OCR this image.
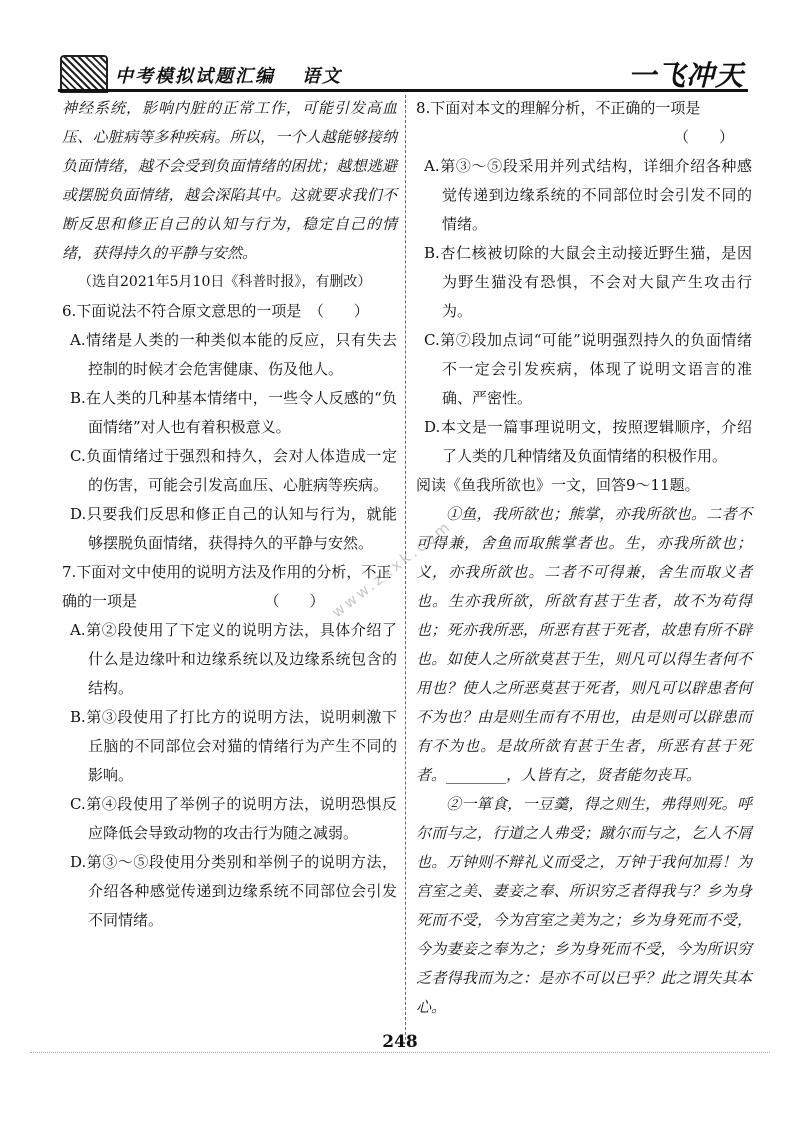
中考模拟试题汇编 语文	一飞冲天

神经系统，影响内脏的正常工作，可能引发高血压、心脏病等多种疾病。所以，一个人越能够接纳负面情绪，越不会受到负面情绪的困扰；越想逃避或摆脱负面情绪，越会深陷其中。这就要求我们不断反思和修正自己的认知与行为，稳定自己的情绪，获得持久的平静与安然。

（选自2021年5月10日《科普时报》，有删改）

6.下面说法不符合原文意思的一项是　（　　）
A.情绪是人类的一种类似本能的反应，只有失去控制的时候才会危害健康、伤及他人。
B.在人类的几种基本情绪中，一些令人反感的“负面情绪”对人也有着积极意义。
C.负面情绪过于强烈和持久，会对人体造成一定的伤害，可能会引发高血压、心脏病等疾病。
D.只要我们反思和修正自己的认知与行为，就能够摆脱负面情绪，获得持久的平静与安然。
7.下面对文中使用的说明方法及作用的分析，不正确的一项是　　　　　　　　　（　　）
A.第②段使用了下定义的说明方法，具体介绍了什么是边缘叶和边缘系统以及边缘系统包含的结构。
B.第③段使用了打比方的说明方法，说明刺激下丘脑的不同部位会对猫的情绪行为产生不同的影响。
C.第④段使用了举例子的说明方法，说明恐惧反应降低会导致动物的攻击行为随之减弱。
D.第③～⑤段使用分类别和举例子的说明方法，介绍各种感觉传递到边缘系统不同部位会引发不同情绪。
8.下面对本文的理解分析，不正确的一项是
（　　）
A.第③～⑤段采用并列式结构，详细介绍各种感觉传递到边缘系统的不同部位时会引发不同的情绪。
B.杏仁核被切除的大鼠会主动接近野生猫，是因为野生猫没有恐惧，不会对大鼠产生攻击行为。
C.第⑦段加点词“可能”说明强烈持久的负面情绪不一定会引发疾病，体现了说明文语言的准确、严密性。
D.本文是一篇事理说明文，按照逻辑顺序，介绍了人类的几种情绪及负面情绪的积极作用。
阅读《鱼我所欲也》一文，回答9～11题。

①鱼，我所欲也；熊掌，亦我所欲也。二者不可得兼，舍鱼而取熊掌者也。生，亦我所欲也；义，亦我所欲也。二者不可得兼，舍生而取义者也。生亦我所欲，所欲有甚于生者，故不为苟得也；死亦我所恶，所恶有甚于死者，故患有所不辟也。如使人之所欲莫甚于生，则凡可以得生者何不用也？使人之所恶莫甚于死者，则凡可以辟患者何不为也？由是则生而有不用也，由是则可以辟患而有不为也。是故所欲有甚于生者，所恶有甚于死者。________，人皆有之，贤者能勿丧耳。

②一箪食，一豆羹，得之则生，弗得则死。呼尔而与之，行道之人弗受；蹴尔而与之，乞人不屑也。万钟则不辩礼义而受之，万钟于我何加焉！为宫室之美、妻妾之奉、所识穷乏者得我与？乡为身死而不受，今为宫室之美为之；乡为身死而不受，今为妻妾之奉为之；乡为身死而不受，今为所识穷乏者得我而为之：是亦不可以已乎？此之谓失其本心。

www.zxxk.com
248
